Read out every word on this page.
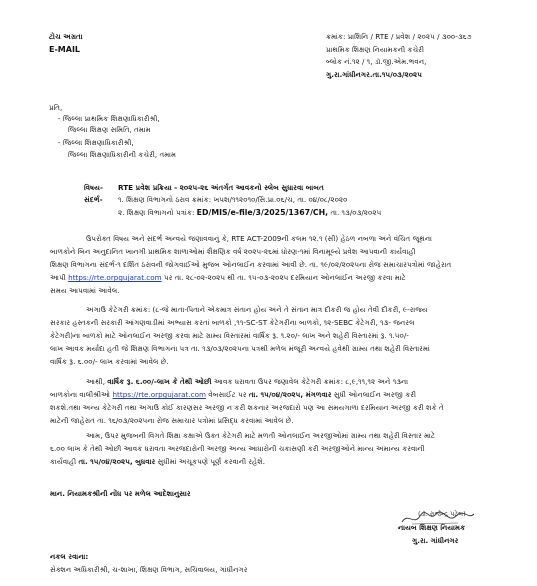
ટોચ અગ્રતા
E-MAIL
ક્રમાંક: પ્રાશિનિ / RTE / પ્રવેશ / ૨૦૨૫ / ૩૦૦-૩૬૭
પ્રાથમિક શિક્ષણ નિયામકની કચેરી
બ્લોક નં.૧૨ / ૧, ડૉ.જી.એમ.ભવન,
ગુ.રા.ગાંધીનગર.તા.૧૫/૦૩/૨૦૨૫
પ્રતિ,
- જિલ્લા પ્રાથમિક શિક્ષણાધિકારીશ્રી,
જિલ્લા શિક્ષણ સમિતિ, તમામ
- જિલ્લા શિક્ષણાધિકારીશ્રી,
જિલ્લા શિક્ષણાધિકારીની કચેરી, તમામ
વિષય- RTE પ્રવેશ પ્રક્રિયા - ૨૦૨૫-૨૬ અંતર્ગત આવકનો સ્લેબ સુધારવા બાબત
સંદર્ભ- ૧. શિક્ષણ વિભાગનો ઠરાવ ક્રમાંક: ખપશ/૧૧૨૦૧૦/સિ.પ્રા.૦૬/ચ, તા. ૦૪/૦૮/૨૦૨૦
૨. શિક્ષણ વિભાગનો પત્રાંક: ED/MIS/e-file/3/2025/1367/CH, તા. ૧૩/૦૩/૨૦૨૫
ઉપરોક્ત વિષય અને સંદર્ભ અન્વયે જણાવવાનું કે, RTE ACT-2009ની કલમ ૧૨.૧ (સી) હેઠળ નબળા અને વંચિત જૂથના
બાળકોને બિન અનુદાનિત ખાનગી પ્રાથમિક શાળાઓમાં શૈક્ષણિક વર્ષ ૨૦૨૫-૨૬માં ધોરણ-૧માં વિનામૂલ્યે પ્રવેશ આપવાની કાર્યવાહી
શિક્ષણ વિભાગના સંદર્ભ-૧ દર્શિત ઠરાવની જોગવાઈઓ મુજબ ઓનલાઈન કરવામાં આવી છે. તા. ૧૯/૦૨/૨૦૨૫ના રોજ સમાચારપત્રોમાં જાહેરાત
આપી https://rte.orpgujarat.com પર તા. ૨૮-૦૨-૨૦૨૫ થી તા. ૧૫-૦૩-૨૦૨૫ દરમિયાન ઓનલાઈન અરજી કરવા માટે
સમય આપવામાં આવેલ.
અગાઉ કેટેગરી ક્રમાંક: (૮-જે માતા-પિતાને એકમાત્ર સંતાન હોય અને તે સંતાન માત્ર દીકરી જ હોય તેવી દીકરી, ૯-રાજ્ય
સરકાર હસ્તકની સરકારી આંગણવાડીમાં અભ્યાસ કરતાં બાળકો ,૧૧-SC-ST કેટેગરીના બાળકો, ૧૨-SEBC કેટેગરી, ૧૩- જનરલ
કેટેગરી)ના બાળકો માટે ઓનલાઈન અરજી કરવા માટે ગ્રામ્ય વિસ્તારમાં વાર્ષિક રૂ. ૧.૨૦/- લાખ અને શહેરી વિસ્તારમાં રૂ. ૧.૫૦/-
લાખ આવક મર્યાદા હતી જે શિક્ષણ વિભાગના પત્ર તા. ૧૩/૦૩/૨૦૨૫ના પત્રથી મળેલ મંજૂરી અન્વયે હવેથી ગ્રામ્ય તથા શહેરી વિસ્તારમાં
વાર્ષિક રૂ. ૬.૦૦/- લાખ કરવામાં આવેલ છે.
આથી, વાર્ષિક રૂ. ૬.૦૦/-લાખ કે તેથી ઓછી આવક ધરાવતા ઉપર જણાવેલ કેટેગરી ક્રમાંક: ૮,૯,૧૧,૧૨ અને ૧૩ના
બાળકોના વાલીશ્રીઓ https://rte.orpgujarat.com વેબસાઈટ પર તા. ૧૫/૦૪/૨૦૨૫, મંગળવાર સુધી ઓનલાઈન અરજી કરી
શકશે.તથા અન્ય કેટેગરી તથા અગાઉ કોઈ કારણસર અરજી ન કરી શકનાર અરજદારો પણ આ સમયગાળા દરમિયાન અરજી કરી શકે તે
માટેની જાહેરાત તા. ૧૬/૦૩/૨૦૨૫ના રોજ સમાચાર પત્રોમાં પ્રસિદ્ધ કરવામાં આવેલ છે.
આમ, ઉપર મુજબની વિગતે શિક્ષા કક્ષાએ ઉક્ત કેટેગરી માટે મળતી ઓનલાઈન અરજીઓમાં ગ્રામ્ય તથા શહેરી વિસ્તાર માટે
૬.૦૦ લાખ કે તેથી ઓછી આવક ધરાવતા અરજદારોની અરજી અન્ય આધારોની ચકાસણી કરી અરજીઓને માન્ય અમાન્ય કરવાની
કાર્યવાહી તા. ૧૫/૦૪/૨૦૨૫, બુધવાર સુધીમાં અચૂકપણે પૂર્ણ કરવાની રહેશે.
માન. નિયામકશ્રીની નોંધ પર મળેલ આદેશાનુસાર
(ડૉ. રાજેન્દ્ર પટેલ)
નાયબ શિક્ષણ નિયામક
ગુ.રા. ગાંધીનગર
નકલ રવાના:
સેક્શન અધિકારીશ્રી, ચ-શાખા, શિક્ષણ વિભાગ, સચિવાલય, ગાંધીનગર
